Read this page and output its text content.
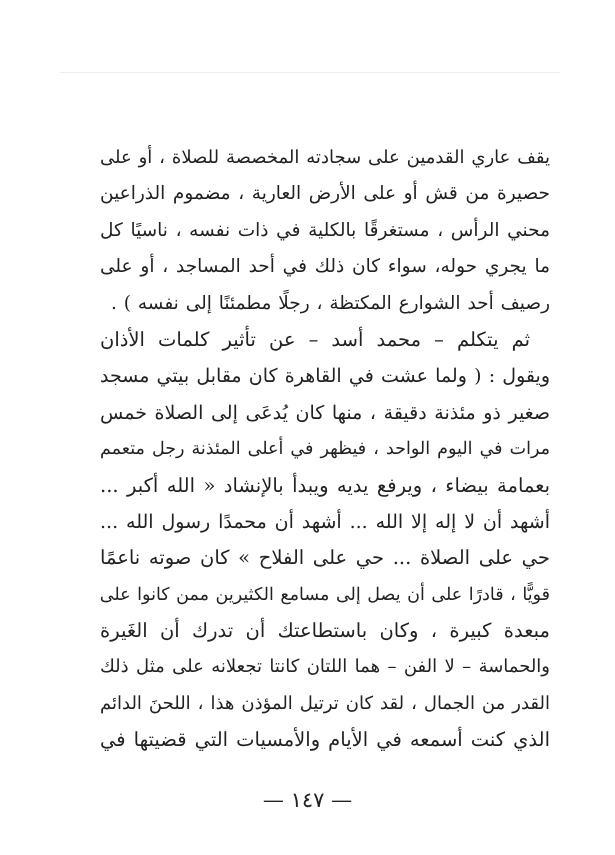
يقف عاري القدمين على سجادته المخصصة للصلاة ، أو على
حصيرة من قش أو على الأرض العارية ، مضموم الذراعين
محني الرأس ، مستغرقًا بالكلية في ذات نفسه ، ناسيًا كل
ما يجري حوله، سواء كان ذلك في أحد المساجد ، أو على
رصيف أحد الشوارع المكتظة ، رجلًا مطمئنًا إلى نفسه ) .
ثم يتكلم – محمد أسد – عن تأثير كلمات الأذان
ويقول : ( ولما عشت في القاهرة كان مقابل بيتي مسجد
صغير ذو مئذنة دقيقة ، منها كان يُدعَى إلى الصلاة خمس
مرات في اليوم الواحد ، فيظهر في أعلى المئذنة رجل متعمم
بعمامة بيضاء ، ويرفع يديه ويبدأ بالإنشاد « الله أكبر ...
أشهد أن لا إله إلا الله ... أشهد أن محمدًا رسول الله ...
حي على الصلاة ... حي على الفلاح » كان صوته ناعمًا
قويًّا ، قادرًا على أن يصل إلى مسامع الكثيرين ممن كانوا على
مبعدة كبيرة ، وكان باستطاعتك أن تدرك أن الغَيرة
والحماسة – لا الفن – هما اللتان كانتا تجعلانه على مثل ذلك
القدر من الجمال ، لقد كان ترتيل المؤذن هذا ، اللحنَ الدائم
الذي كنت أسمعه في الأيام والأمسيات التي قضيتها في
— ١٤٧ —
